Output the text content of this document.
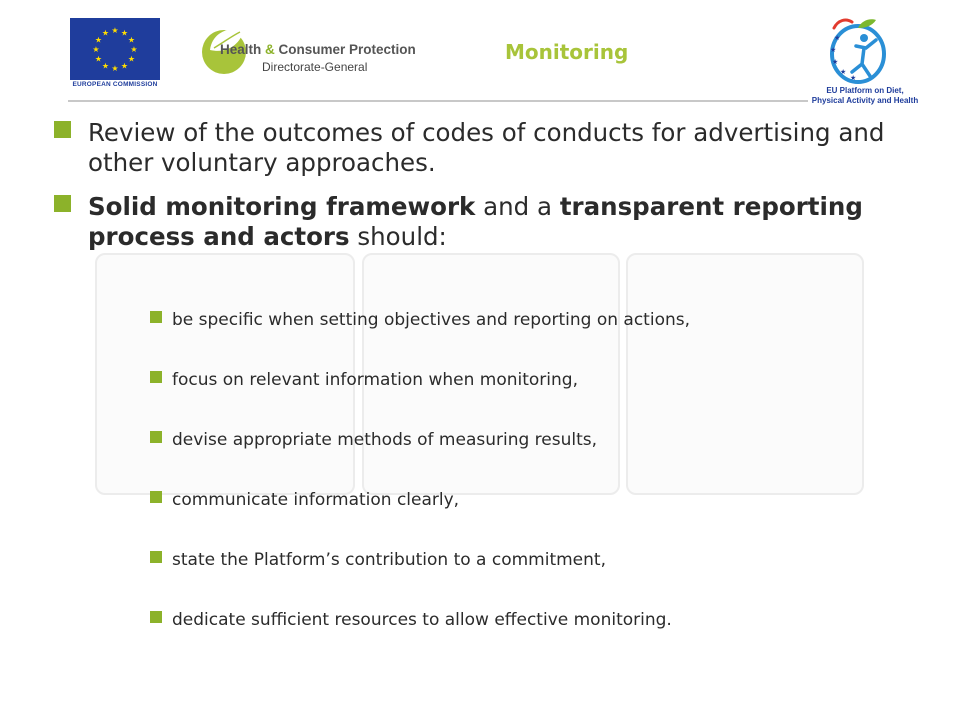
★ ★
★
★
★
★
★
★
★
★
★
★
EUROPEAN COMMISSION
Health & Consumer Protection
Directorate-General
Monitoring
★
★
★
★
★
EU Platform on Diet,
Physical Activity and Health
Review of the outcomes of codes of conducts for advertising and other voluntary approaches.
Solid monitoring framework and a transparent reporting process and actors should:
be specific when setting objectives and reporting on actions,
focus on relevant information when monitoring,
devise appropriate methods of measuring results,
communicate information clearly,
state the Platform’s contribution to a commitment,
dedicate sufficient resources to allow effective monitoring.
